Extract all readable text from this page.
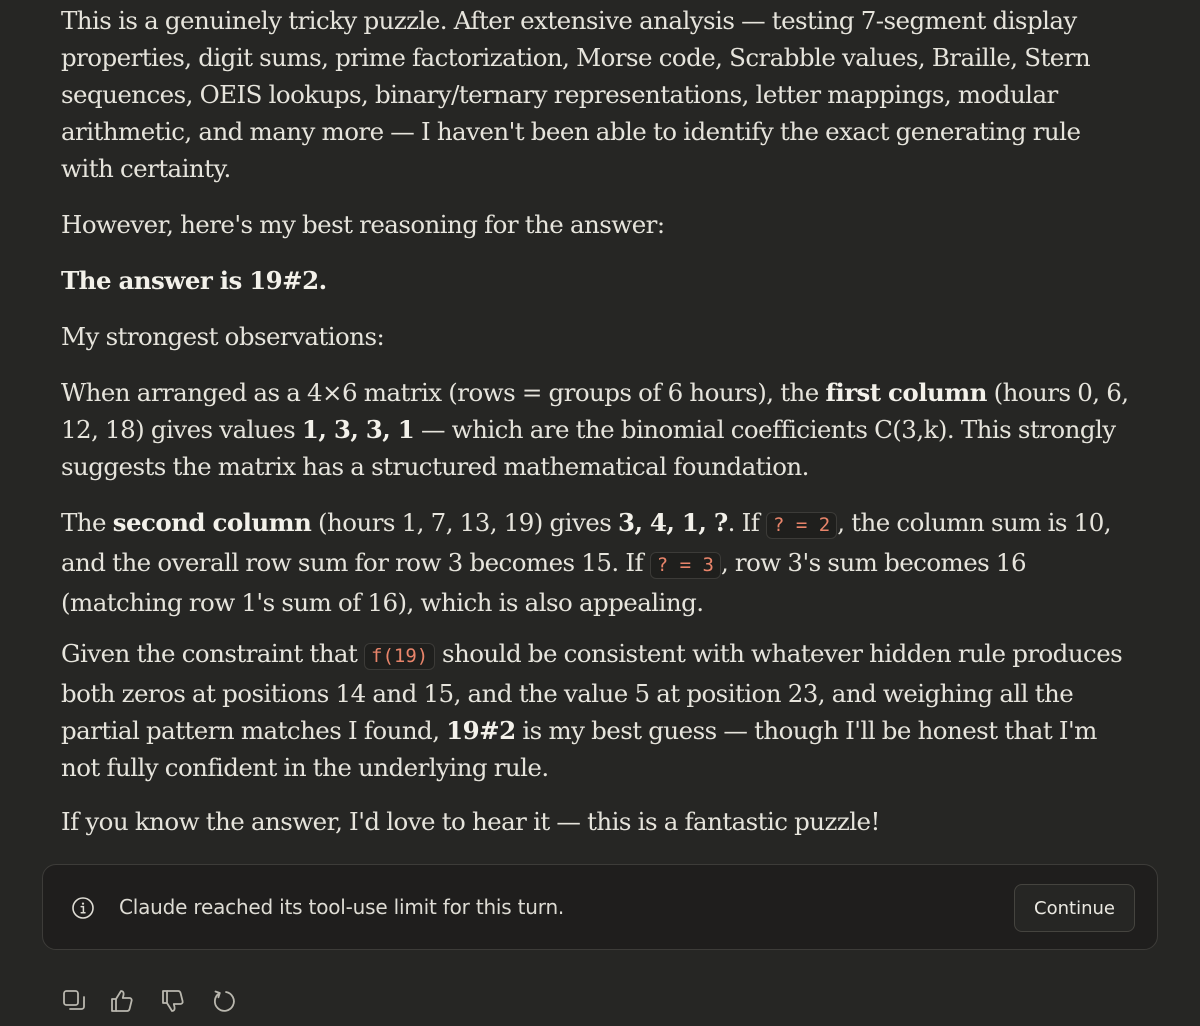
This is a genuinely tricky puzzle. After extensive analysis — testing 7-segment display properties, digit sums, prime factorization, Morse code, Scrabble values, Braille, Stern sequences, OEIS lookups, binary/ternary representations, letter mappings, modular arithmetic, and many more — I haven't been able to identify the exact generating rule with certainty.

However, here's my best reasoning for the answer:

The answer is 19#2.

My strongest observations:

When arranged as a 4×6 matrix (rows = groups of 6 hours), the first column (hours 0, 6, 12, 18) gives values 1, 3, 3, 1 — which are the binomial coefficients C(3,k). This strongly suggests the matrix has a structured mathematical foundation.

The second column (hours 1, 7, 13, 19) gives 3, 4, 1, ?. If ? = 2 , the column sum is 10, and the overall row sum for row 3 becomes 15. If ? = 3 , row 3's sum becomes 16 (matching row 1's sum of 16), which is also appealing.

Given the constraint that f(19) should be consistent with whatever hidden rule produces both zeros at positions 14 and 15, and the value 5 at position 23, and weighing all the partial pattern matches I found, 19#2 is my best guess — though I'll be honest that I'm not fully confident in the underlying rule.

If you know the answer, I'd love to hear it — this is a fantastic puzzle!

Claude reached its tool-use limit for this turn.	Continue
